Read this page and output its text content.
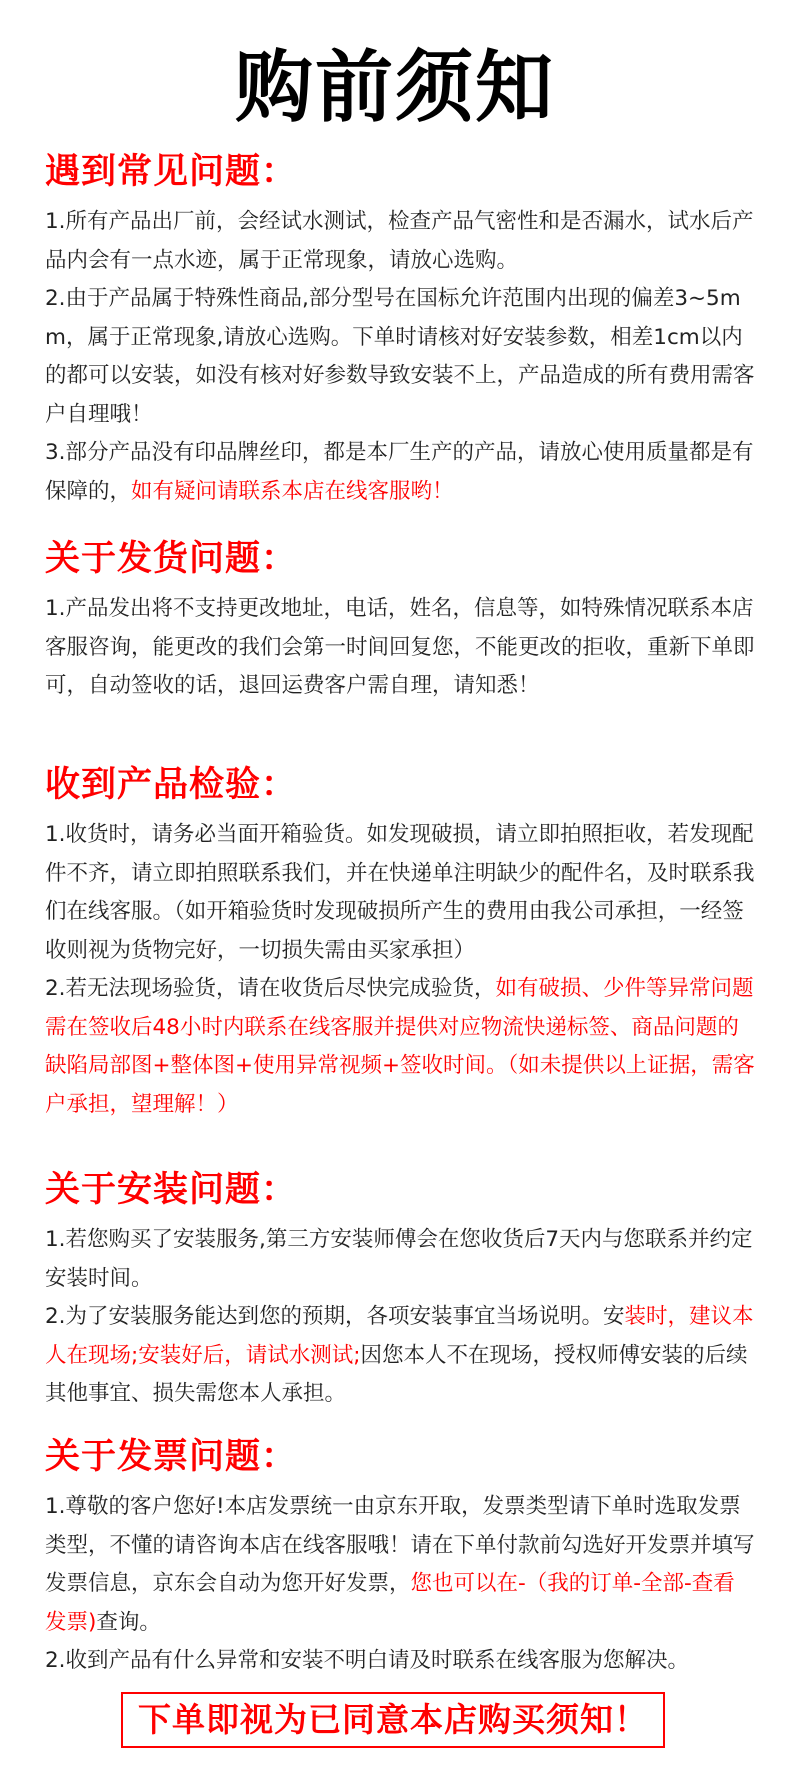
购前须知
遇到常见问题：

1.所有产品出厂前，会经试水测试，检查产品气密性和是否漏水，试水后产品内会有一点水迹，属于正常现象，请放心选购。

2.由于产品属于特殊性商品,部分型号在国标允许范围内出现的偏差3~5mm，属于正常现象,请放心选购。下单时请核对好安装参数，相差1cm以内的都可以安装，如没有核对好参数导致安装不上，产品造成的所有费用需客户自理哦！

3.部分产品没有印品牌丝印，都是本厂生产的产品，请放心使用质量都是有保障的，如有疑问请联系本店在线客服哟！

关于发货问题：

1.产品发出将不支持更改地址，电话，姓名，信息等，如特殊情况联系本店客服咨询，能更改的我们会第一时间回复您，不能更改的拒收，重新下单即可，自动签收的话，退回运费客户需自理，请知悉！

收到产品检验：

1.收货时，请务必当面开箱验货。如发现破损，请立即拍照拒收，若发现配件不齐，请立即拍照联系我们，并在快递单注明缺少的配件名，及时联系我们在线客服。（如开箱验货时发现破损所产生的费用由我公司承担，一经签收则视为货物完好，一切损失需由买家承担）

2.若无法现场验货，请在收货后尽快完成验货，如有破损、少件等异常问题需在签收后48小时内联系在线客服并提供对应物流快递标签、商品问题的缺陷局部图+整体图+使用异常视频+签收时间。（如未提供以上证据，需客户承担，望理解！）

关于安装问题：

1.若您购买了安装服务,第三方安装师傅会在您收货后7天内与您联系并约定安装时间。

2.为了安装服务能达到您的预期，各项安装事宜当场说明。安装时，建议本人在现场;安装好后，请试水测试;因您本人不在现场，授权师傅安装的后续其他事宜、损失需您本人承担。

关于发票问题：

1.尊敬的客户您好!本店发票统一由京东开取，发票类型请下单时选取发票类型，不懂的请咨询本店在线客服哦！请在下单付款前勾选好开发票并填写发票信息，京东会自动为您开好发票，您也可以在-（我的订单-全部-查看发票)查询。

2.收到产品有什么异常和安装不明白请及时联系在线客服为您解决。

下单即视为已同意本店购买须知！
